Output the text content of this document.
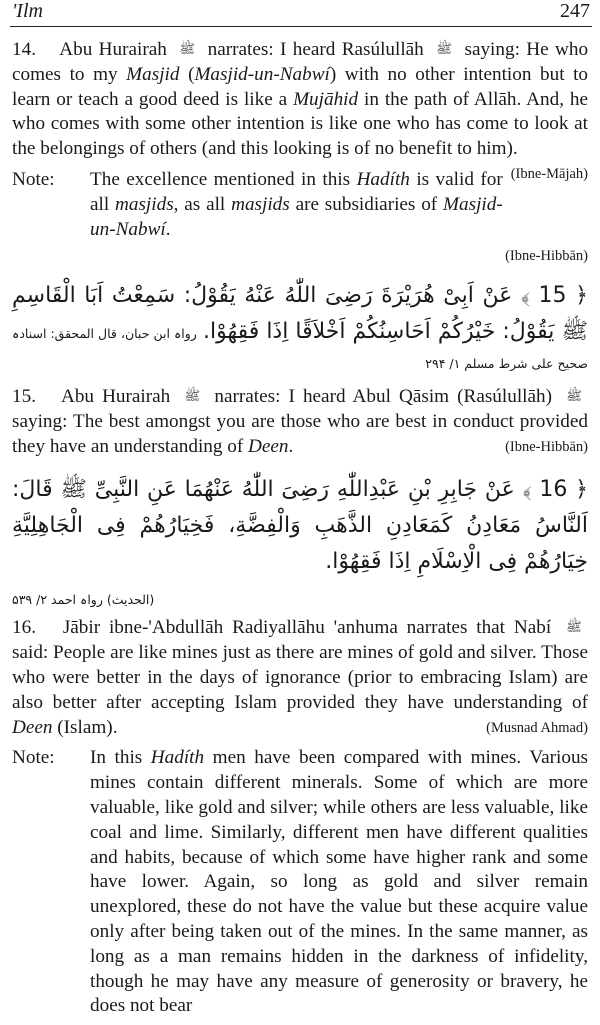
'Ilm	247
14. Abu Hurairah ﷺ narrates: I heard Rasúlullāh ﷺ saying: He who comes to my Masjid (Masjid-un-Nabwí) with no other intention but to learn or teach a good deed is like a Mujāhid in the path of Allāh. And, he who comes with some other intention is like one who has come to look at the belongings of others (and this looking is of no benefit to him).
(Ibne-Mājah)
Note:	The excellence mentioned in this Hadíth is valid for all masjids, as all masjids are subsidiaries of Masjid-un-Nabwí.
(Ibne-Hibbān)
﴿ 15 ﴾ عَنْ اَبِىْ هُرَيْرَةَ رَضِىَ اللّٰهُ عَنْهُ يَقُوْلُ: سَمِعْتُ اَبَا الْقَاسِمِ ﷺ يَقُوْلُ: خَيْرُكُمْ اَحَاسِنُكُمْ اَخْلاَقًا اِذَا فَقِهُوْا. رواہ ابن حبان، قال المحقق: اسنادہ صحیح علی شرط مسلم ۱/ ۲۹۴
15. Abu Hurairah ﷺ narrates: I heard Abul Qāsim (Rasúlullāh) ﷺ saying: The best amongst you are those who are best in conduct provided they have an understanding of Deen.	(Ibne-Hibbān)
﴿ 16 ﴾ عَنْ جَابِرِ بْنِ عَبْدِاللّٰهِ رَضِىَ اللّٰهُ عَنْهُمَا عَنِ النَّبِىِّ ﷺ قَالَ: اَلنَّاسُ مَعَادِنُ كَمَعَادِنِ الذَّهَبِ وَالْفِضَّةِ، فَخِيَارُهُمْ فِى الْجَاهِلِيَّةِ خِيَارُهُمْ فِى الْاِسْلَامِ اِذَا فَقِهُوْا.
(الحدیث) رواہ احمد ۲/ ۵۳۹
16. Jābir ibne-'Abdullāh Radiyallāhu 'anhuma narrates that Nabí ﷺ said: People are like mines just as there are mines of gold and silver. Those who were better in the days of ignorance (prior to embracing Islam) are also better after accepting Islam provided they have understanding of Deen (Islam).	(Musnad Ahmad)
Note:	In this Hadíth men have been compared with mines. Various mines contain different minerals. Some of which are more valuable, like gold and silver; while others are less valuable, like coal and lime. Similarly, different men have different qualities and habits, because of which some have higher rank and some have lower. Again, so long as gold and silver remain unexplored, these do not have the value but these acquire value only after being taken out of the mines. In the same manner, as long as a man remains hidden in the darkness of infidelity, though he may have any measure of generosity or bravery, he does not bear
